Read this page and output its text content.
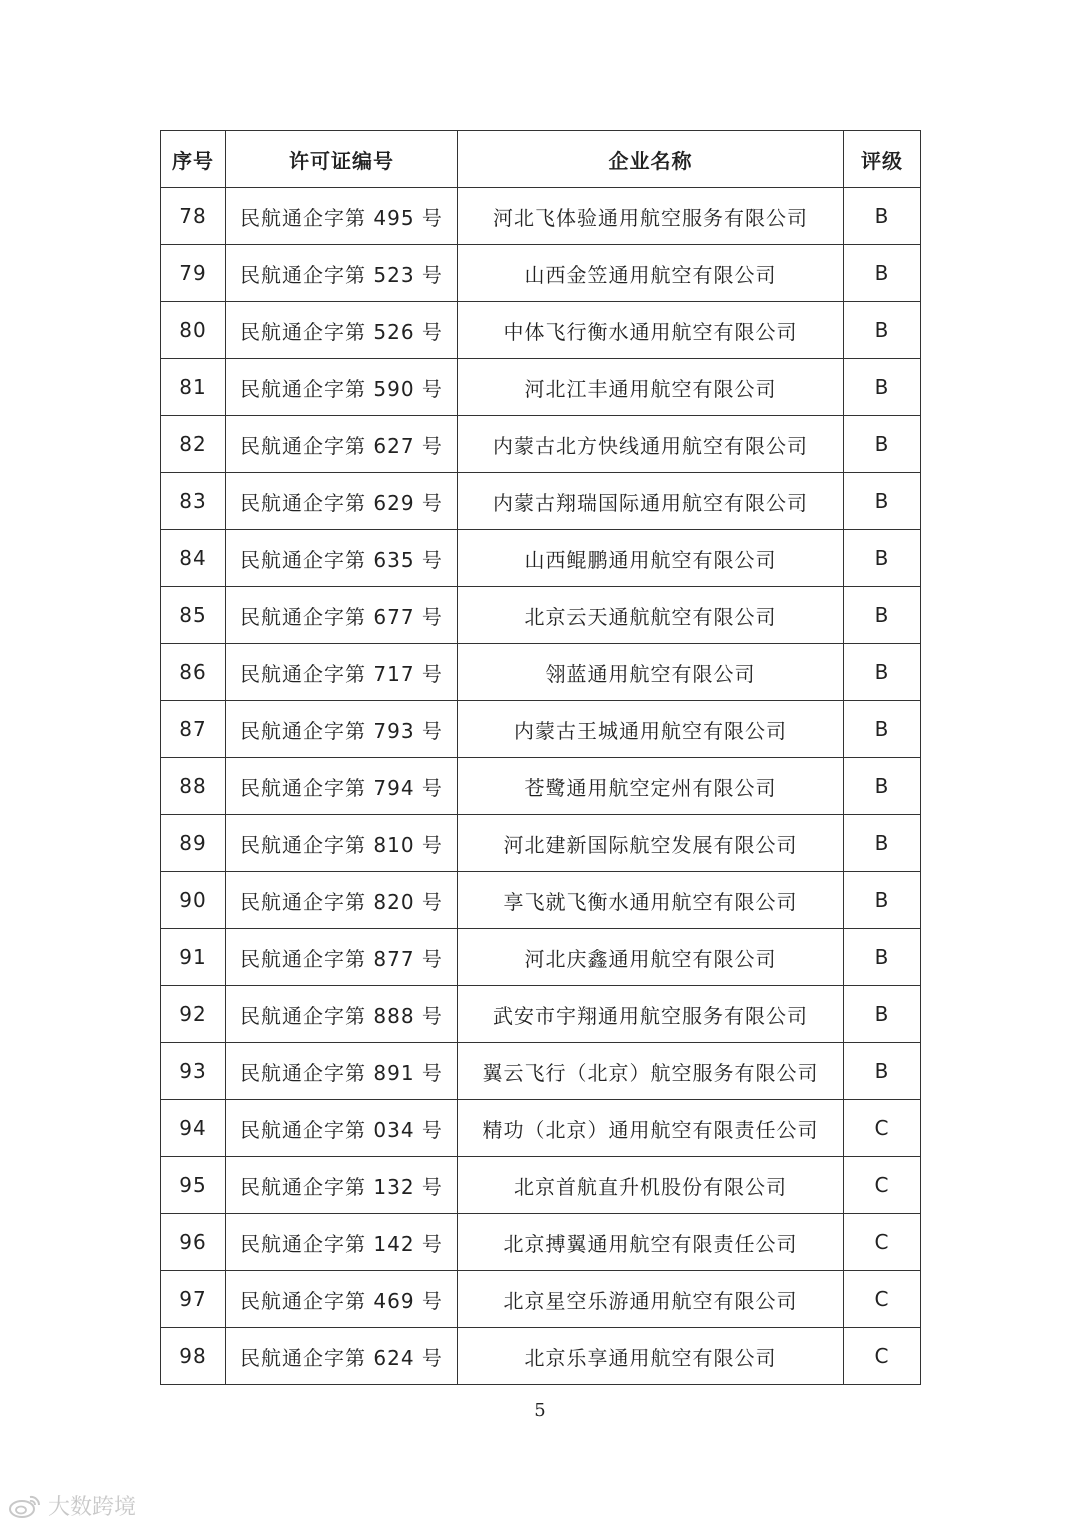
序号	许可证编号	企业名称	评级
78	民航通企字第 495 号	河北飞体验通用航空服务有限公司	B
79	民航通企字第 523 号	山西金笠通用航空有限公司	B
80	民航通企字第 526 号	中体飞行衡水通用航空有限公司	B
81	民航通企字第 590 号	河北江丰通用航空有限公司	B
82	民航通企字第 627 号	内蒙古北方快线通用航空有限公司	B
83	民航通企字第 629 号	内蒙古翔瑞国际通用航空有限公司	B
84	民航通企字第 635 号	山西鲲鹏通用航空有限公司	B
85	民航通企字第 677 号	北京云天通航航空有限公司	B
86	民航通企字第 717 号	翎蓝通用航空有限公司	B
87	民航通企字第 793 号	内蒙古王城通用航空有限公司	B
88	民航通企字第 794 号	苍鹭通用航空定州有限公司	B
89	民航通企字第 810 号	河北建新国际航空发展有限公司	B
90	民航通企字第 820 号	享飞就飞衡水通用航空有限公司	B
91	民航通企字第 877 号	河北庆鑫通用航空有限公司	B
92	民航通企字第 888 号	武安市宇翔通用航空服务有限公司	B
93	民航通企字第 891 号	翼云飞行（北京）航空服务有限公司	B
94	民航通企字第 034 号	精功（北京）通用航空有限责任公司	C
95	民航通企字第 132 号	北京首航直升机股份有限公司	C
96	民航通企字第 142 号	北京搏翼通用航空有限责任公司	C
97	民航通企字第 469 号	北京星空乐游通用航空有限公司	C
98	民航通企字第 624 号	北京乐享通用航空有限公司	C
5
大数跨境
